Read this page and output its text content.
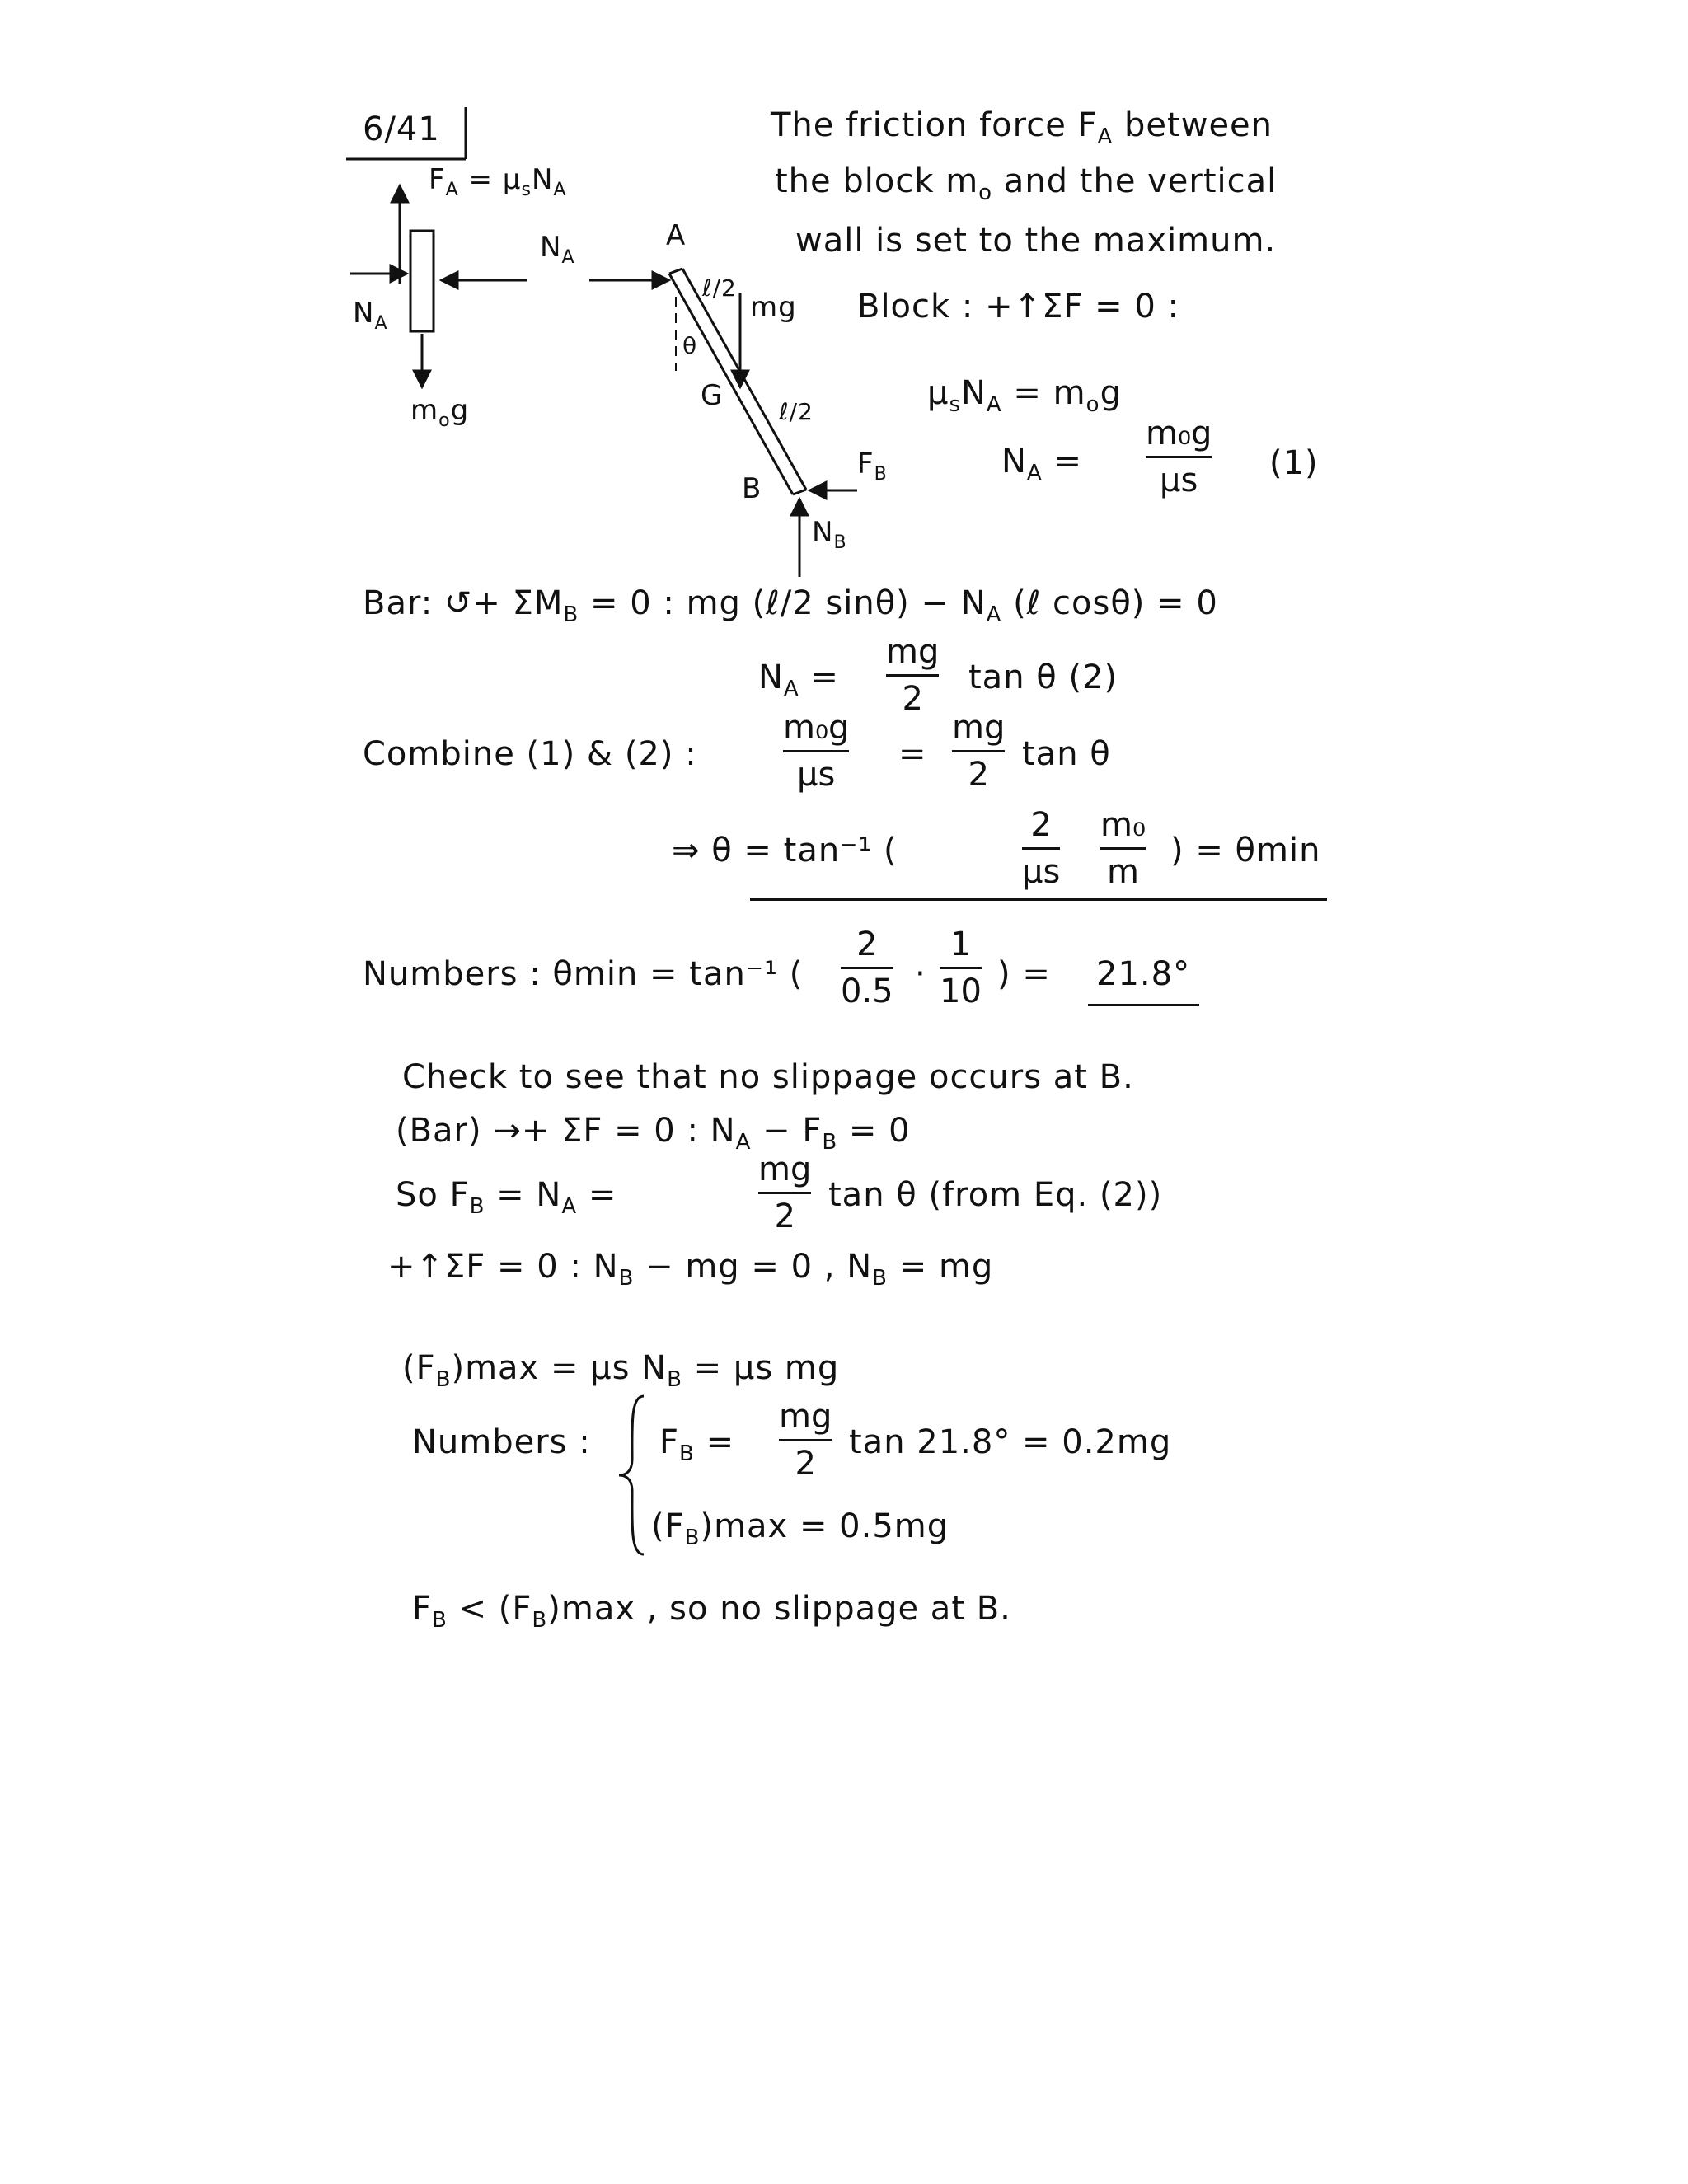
6/41	The friction force $F_A$ between
the block $m_o$ and the vertical
wall is set to the maximum.
$F_A = \mu_sN_A$
$N_A$
$N_A$
$m_og$
A
G
B
ℓ/2
ℓ/2
mg
θ
$F_B$
$N_B$
Block : +↑ΣF = 0 :
$\mu_sN_A = m_og$
$N_A$ =
m₀g
μs (1)
Bar: ↺+ $\Sigma M_B = 0$ : mg (ℓ/2 $\sin\theta) - N_A$ (ℓ cosθ) = 0
$N_A$ =
mg
2
tan θ (2)
Combine (1) & (2) :
m₀g
μs
=
mg
2
tan θ
⇒ θ = tan⁻¹ (
2
μs
m₀
m
) = θmin
Numbers : θmin = tan⁻¹ (
2
0.5 ·
1
10 ) = 21.8°
Check to see that no slippage occurs at B.
(Bar) →+ ΣF = 0 : $N_A - F_B = 0$
So $F_B = N_A$ =
mg
2
tan θ (from Eq. (2))
+↑ΣF = 0 : $N_B$ − mg = 0 , $N_B$ = mg
$(F_B)\max = \mu s$ $N_B = \mu s$ mg
Numbers : $F_B$ =
mg
2
tan 21.8° = 0.2mg
$(F_B)\max = 0.5mg$
$F_B < (F_B)\max$ , so no slippage at B.
